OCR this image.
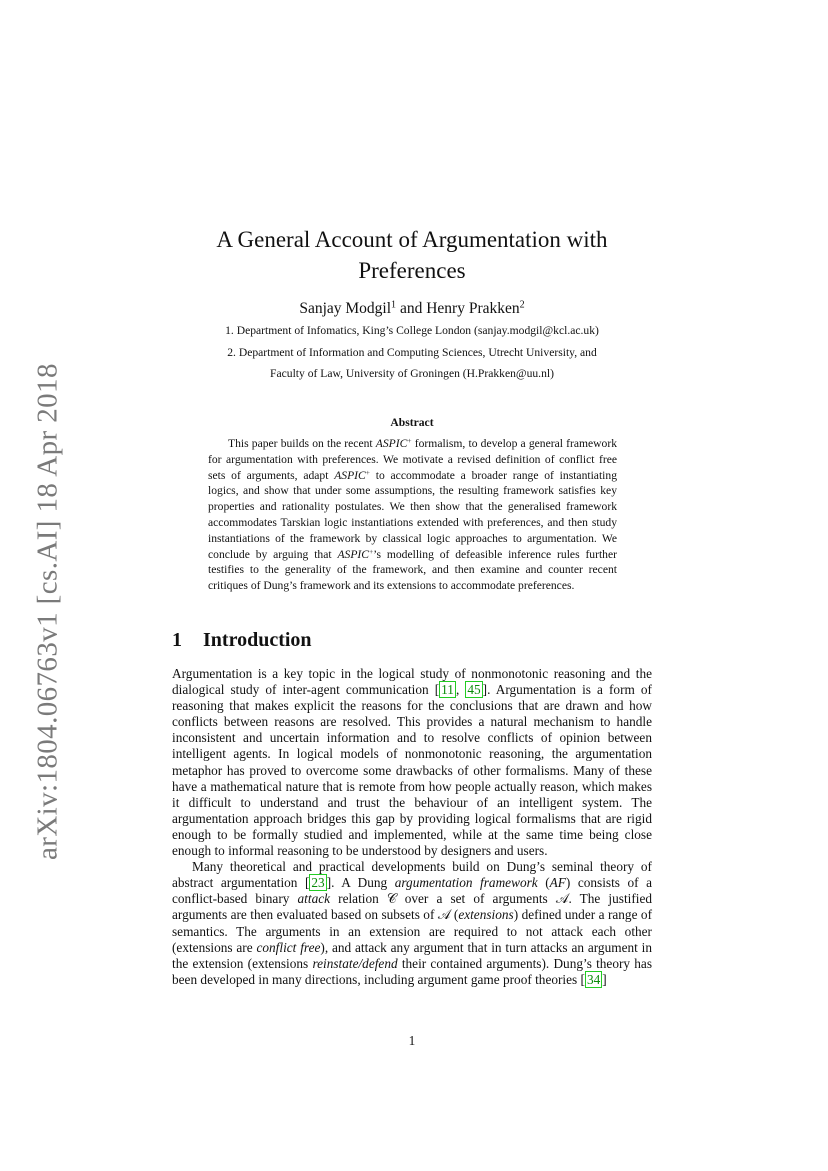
arXiv:1804.06763v1 [cs.AI] 18 Apr 2018
A General Account of Argumentation with Preferences
Sanjay Modgil$^1$ and Henry Prakken$^2$
1. Department of Infomatics, King’s College London (sanjay.modgil@kcl.ac.uk)
2. Department of Information and Computing Sciences, Utrecht University, and
Faculty of Law, University of Groningen (H.Prakken@uu.nl)
Abstract

This paper builds on the recent ASPIC+ formalism, to develop a general framework for argumentation with preferences. We motivate a revised definition of conflict free sets of arguments, adapt ASPIC+ to accommodate a broader range of instantiating logics, and show that under some assumptions, the resulting framework satisfies key properties and rationality postulates. We then show that the generalised framework accommodates Tarskian logic instantiations extended with preferences, and then study instantiations of the framework by classical logic approaches to argumentation. We conclude by arguing that ASPIC+’s modelling of defeasible inference rules further testifies to the generality of the framework, and then examine and counter recent critiques of Dung’s framework and its extensions to accommodate preferences.

1 Introduction

Argumentation is a key topic in the logical study of nonmonotonic reasoning and the dialogical study of inter-agent communication [ 11 , 45 ]. Argumentation is a form of reasoning that makes explicit the reasons for the conclusions that are drawn and how conflicts between reasons are resolved. This provides a natural mechanism to handle inconsistent and uncertain information and to resolve conflicts of opinion between intelligent agents. In logical models of nonmonotonic reasoning, the argumentation metaphor has proved to overcome some drawbacks of other formalisms. Many of these have a mathematical nature that is remote from how people actually reason, which makes it difficult to understand and trust the behaviour of an intelligent system. The argumentation approach bridges this gap by providing logical formalisms that are rigid enough to be formally studied and implemented, while at the same time being close enough to informal reasoning to be understood by designers and users.

Many theoretical and practical developments build on Dung’s seminal theory of abstract argumentation [ 23 ]. A Dung argumentation framework (AF) consists of a conflict-based binary attack relation 𝒞 over a set of arguments 𝒜. The justified arguments are then evaluated based on subsets of 𝒜 (extensions) defined under a range of semantics. The arguments in an extension are required to not attack each other (extensions are conflict free), and attack any argument that in turn attacks an argument in the extension (extensions reinstate/defend their contained arguments). Dung’s theory has been developed in many directions, including argument game proof theories [ 34 ]

1
